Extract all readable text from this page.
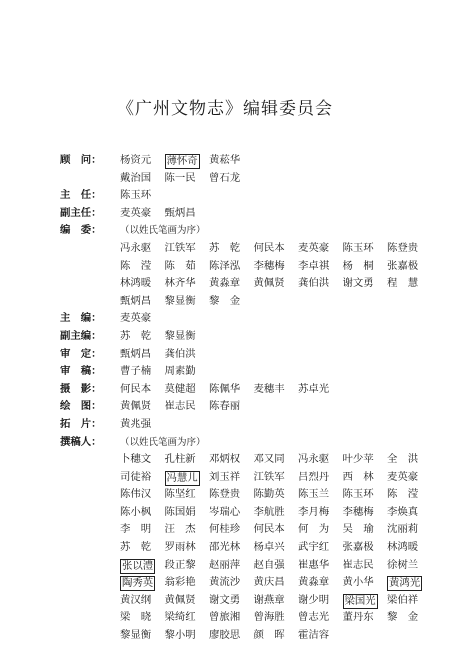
《广州文物志》编辑委员会
顾　问： 杨资元 薄怀奇 黄菘华
戴治国 陈一民 曾石龙
主　任： 陈玉环
副主任： 麦英豪 甄炳昌
编　委： （以姓氏笔画为序）
冯永驱 江铁军 苏　乾 何民本 麦英豪 陈玉环 陈登贵
陈　滢 陈　茹 陈泽泓 李穗梅 李卓祺 杨　桐 张嘉极
林鸿暖 林齐华 黄淼章 黄佩贤 龚伯洪 谢文勇 程　慧
甄炳昌 黎显衡 黎　金
主　编： 麦英豪
副主编： 苏　乾 黎显衡
审　定： 甄炳昌 龚伯洪
审　稿： 曹子楠 周素勤
摄　影： 何民本 莫健超 陈佩华 麦穗丰 苏卓光
绘　图： 黄佩贤 崔志民 陈春丽
拓　片： 黄兆强
撰稿人： （以姓氏笔画为序）
卜穗文 孔柱新 邓炳权 邓又同 冯永驱 叶少苹 全　洪
司徒裕 冯慧儿 刘玉祥 江铁军 吕烈丹 西　林 麦英豪
陈伟汉 陈坚红 陈登贵 陈勤英 陈玉兰 陈玉环 陈　滢
陈小枫 陈国娟 岑瑞心 李航胜 李月梅 李穗梅 李焕真
李　明 汪　杰 何桂珍 何民本 何　为 吴　瑜 沈丽莉
苏　乾 罗雨林 邵光林 杨卓兴 武宇红 张嘉极 林鸿暖
张以澧 段正黎 赵丽萍 赵自强 崔惠华 崔志民 徐树兰
陶秀英 翁彩艳 黄流沙 黄庆昌 黄淼章 黄小华 黄鸿光
黄汉纲 黄佩贤 谢文勇 谢燕章 谢少明 梁国光 梁伯祥
梁　晓 梁绮红 曾旅湘 曾海胜 曾志光 董丹东 黎　金
黎显衡 黎小明 廖胶思 颜　晖 霍洁容
